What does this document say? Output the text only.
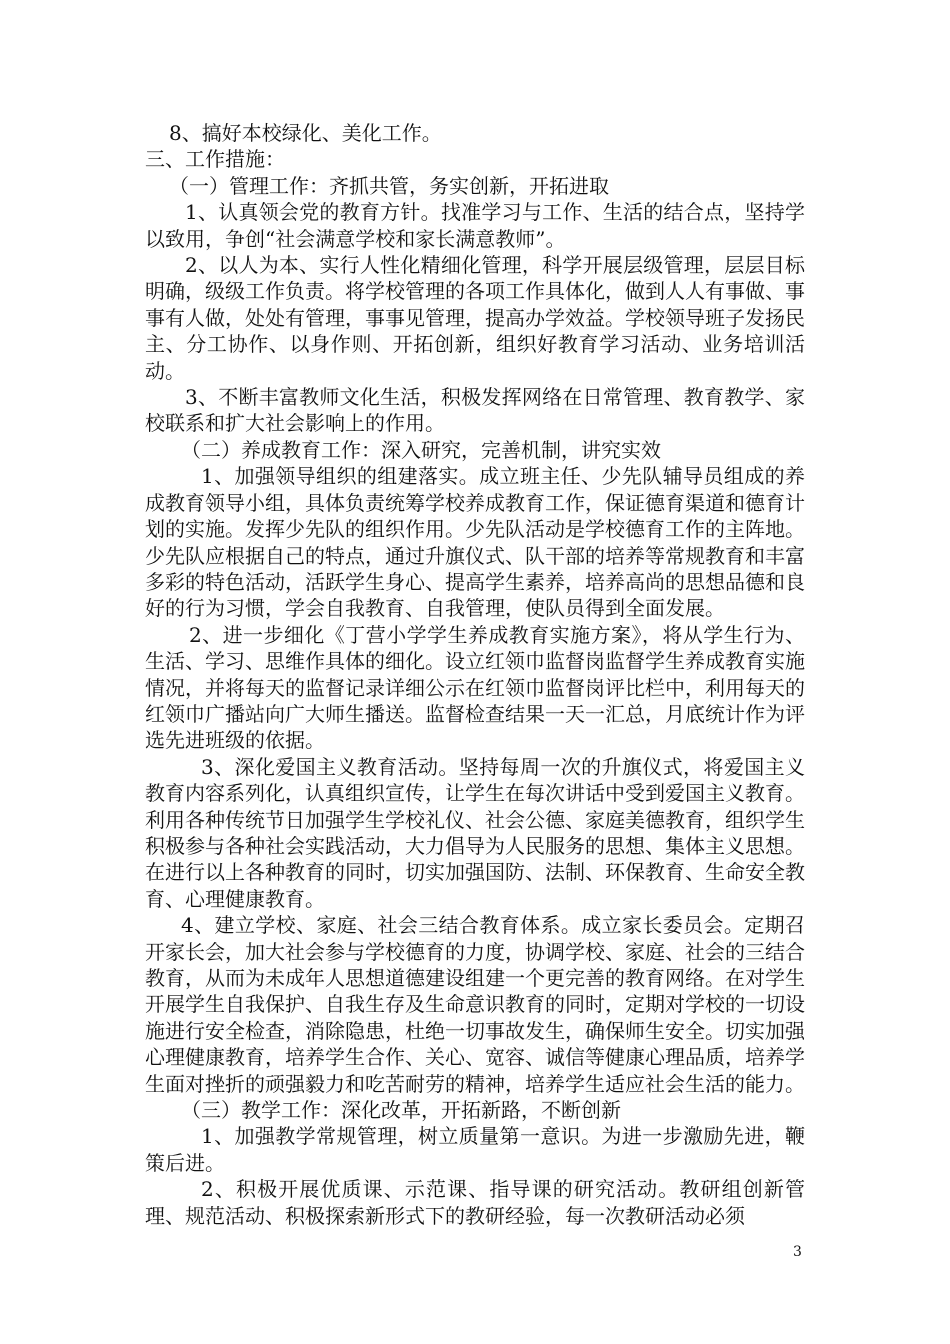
8、搞好本校绿化、美化工作。

三、工作措施：

（一）管理工作：齐抓共管，务实创新，开拓进取

1、认真领会党的教育方针。找准学习与工作、生活的结合点，坚持学以致用，争创“社会满意学校和家长满意教师”。

2、以人为本、实行人性化精细化管理，科学开展层级管理，层层目标明确，级级工作负责。将学校管理的各项工作具体化，做到人人有事做、事事有人做，处处有管理，事事见管理，提高办学效益。学校领导班子发扬民主、分工协作、以身作则、开拓创新，组织好教育学习活动、业务培训活动。

3、不断丰富教师文化生活，积极发挥网络在日常管理、教育教学、家校联系和扩大社会影响上的作用。

（二）养成教育工作：深入研究，完善机制，讲究实效

1、加强领导组织的组建落实。成立班主任、少先队辅导员组成的养成教育领导小组，具体负责统筹学校养成教育工作，保证德育渠道和德育计划的实施。发挥少先队的组织作用。少先队活动是学校德育工作的主阵地。少先队应根据自己的特点，通过升旗仪式、队干部的培养等常规教育和丰富多彩的特色活动，活跃学生身心、提高学生素养，培养高尚的思想品德和良好的行为习惯，学会自我教育、自我管理，使队员得到全面发展。

2、进一步细化《丁营小学学生养成教育实施方案》，将从学生行为、生活、学习、思维作具体的细化。设立红领巾监督岗监督学生养成教育实施情况，并将每天的监督记录详细公示在红领巾监督岗评比栏中，利用每天的红领巾广播站向广大师生播送。监督检查结果一天一汇总，月底统计作为评选先进班级的依据。

3、深化爱国主义教育活动。坚持每周一次的升旗仪式，将爱国主义教育内容系列化，认真组织宣传，让学生在每次讲话中受到爱国主义教育。利用各种传统节日加强学生学校礼仪、社会公德、家庭美德教育，组织学生积极参与各种社会实践活动，大力倡导为人民服务的思想、集体主义思想。在进行以上各种教育的同时，切实加强国防、法制、环保教育、生命安全教育、心理健康教育。

4、建立学校、家庭、社会三结合教育体系。成立家长委员会。定期召开家长会，加大社会参与学校德育的力度，协调学校、家庭、社会的三结合教育，从而为未成年人思想道德建设组建一个更完善的教育网络。在对学生开展学生自我保护、自我生存及生命意识教育的同时，定期对学校的一切设施进行安全检查，消除隐患，杜绝一切事故发生，确保师生安全。切实加强心理健康教育，培养学生合作、关心、宽容、诚信等健康心理品质，培养学生面对挫折的顽强毅力和吃苦耐劳的精神，培养学生适应社会生活的能力。

（三）教学工作：深化改革，开拓新路，不断创新

1、加强教学常规管理，树立质量第一意识。为进一步激励先进，鞭策后进。

2、积极开展优质课、示范课、指导课的研究活动。教研组创新管理、规范活动、积极探索新形式下的教研经验，每一次教研活动必须

3
